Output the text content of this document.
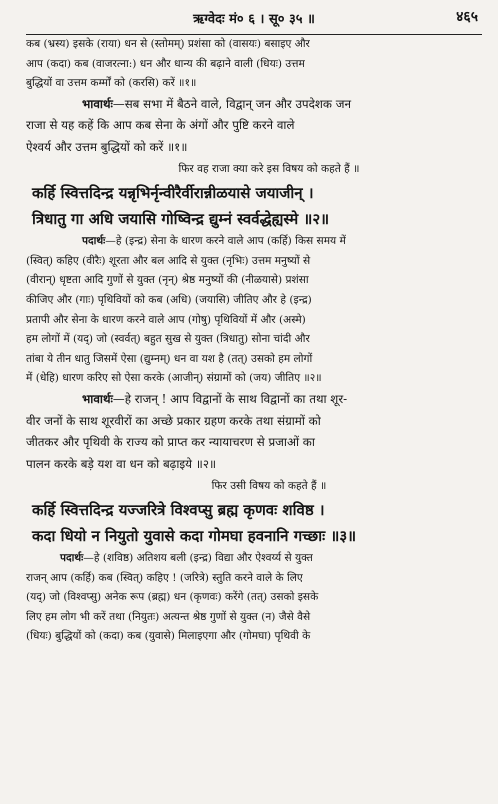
ऋग्वेदः मं० ६ । सू० ३५ ॥	४६५
कब (भ्रस्य) इसके (राया) धन से (स्तोमम्) प्रशंसा को (वासयः) बसाइए और
आप (कदा) कब (वाजरत्ना:) धन और धान्य की बढ़ाने वाली (धियः) उत्तम
बुद्धियों वा उत्तम कर्म्मों को (करसि) करें ॥१॥
भावार्थः—सब सभा में बैठने वाले, विद्वान् जन और उपदेशक जन
राजा से यह कहें कि आप कब सेना के अंगों और पुष्टि करने वाले
ऐश्वर्य और उत्तम बुद्धियों को करें ॥१॥

फिर वह राजा क्या करे इस विषय को कहते हैं ॥

कर्हि स्वित्तदिन्द्र यन्नृभिर्नृन्वीरैर्वीरान्नीळयासे जयाजीन् ।
त्रिधातु गा अधि जयासि गोष्विन्द्र द्युम्नं स्वर्वद्धेह्यस्मे ॥२॥
पदार्थः—हे (इन्द्र) सेना के धारण करने वाले आप (कर्हि) किस समय में
(स्वित्) कहिए (वीरैः) शूरता और बल आदि से युक्त (नृभिः) उत्तम मनुष्यों से
(वीरान्) धृष्टता आदि गुणों से युक्त (नृन्) श्रेष्ठ मनुष्यों की (नीळयासे) प्रशंसा
कीजिए और (गाः) पृथिवियों को कब (अधि) (जयासि) जीतिए और हे (इन्द्र)
प्रतापी और सेना के धारण करने वाले आप (गोषु) पृथिवियों में और (अस्मे)
हम लोगों में (यद्) जो (स्वर्वत्) बहुत सुख से युक्त (त्रिधातु) सोना चांदी और
तांबा ये तीन धातु जिसमें ऐसा (द्युम्नम्) धन वा यश है (तत्) उसको हम लोगों
में (धेहि) धारण करिए सो ऐसा करके (आजीन्) संग्रामों को (जय) जीतिए ॥२॥
भावार्थः—हे राजन् ! आप विद्वानों के साथ विद्वानों का तथा शूर-
वीर जनों के साथ शूरवीरों का अच्छे प्रकार ग्रहण करके तथा संग्रामों को
जीतकर और पृथिवी के राज्य को प्राप्त कर न्यायाचरण से प्रजाओं का
पालन करके बड़े यश वा धन को बढ़ाइये ॥२॥

फिर उसी विषय को कहते हैं ॥

कर्हि स्वित्तदिन्द्र यज्जरित्रे विश्वप्सु ब्रह्म कृणवः शविष्ठ ।
कदा धियो न नियुतो युवासे कदा गोमघा हवनानि गच्छाः ॥३॥
पदार्थः—हे (शविष्ठ) अतिशय बली (इन्द्र) विद्या और ऐश्वर्य्य से युक्त
राजन् आप (कर्हि) कब (स्वित्) कहिए ! (जरित्रे) स्तुति करने वाले के लिए
(यद्) जो (विश्वप्सु) अनेक रूप (ब्रह्म) धन (कृणवः) करेंगे (तत्) उसको इसके
लिए हम लोग भी करें तथा (नियुतः) अत्यन्त श्रेष्ठ गुणों से युक्त (न) जैसे वैसे
(धियः) बुद्धियों को (कदा) कब (युवासे) मिलाइएगा और (गोमघा) पृथिवी के
